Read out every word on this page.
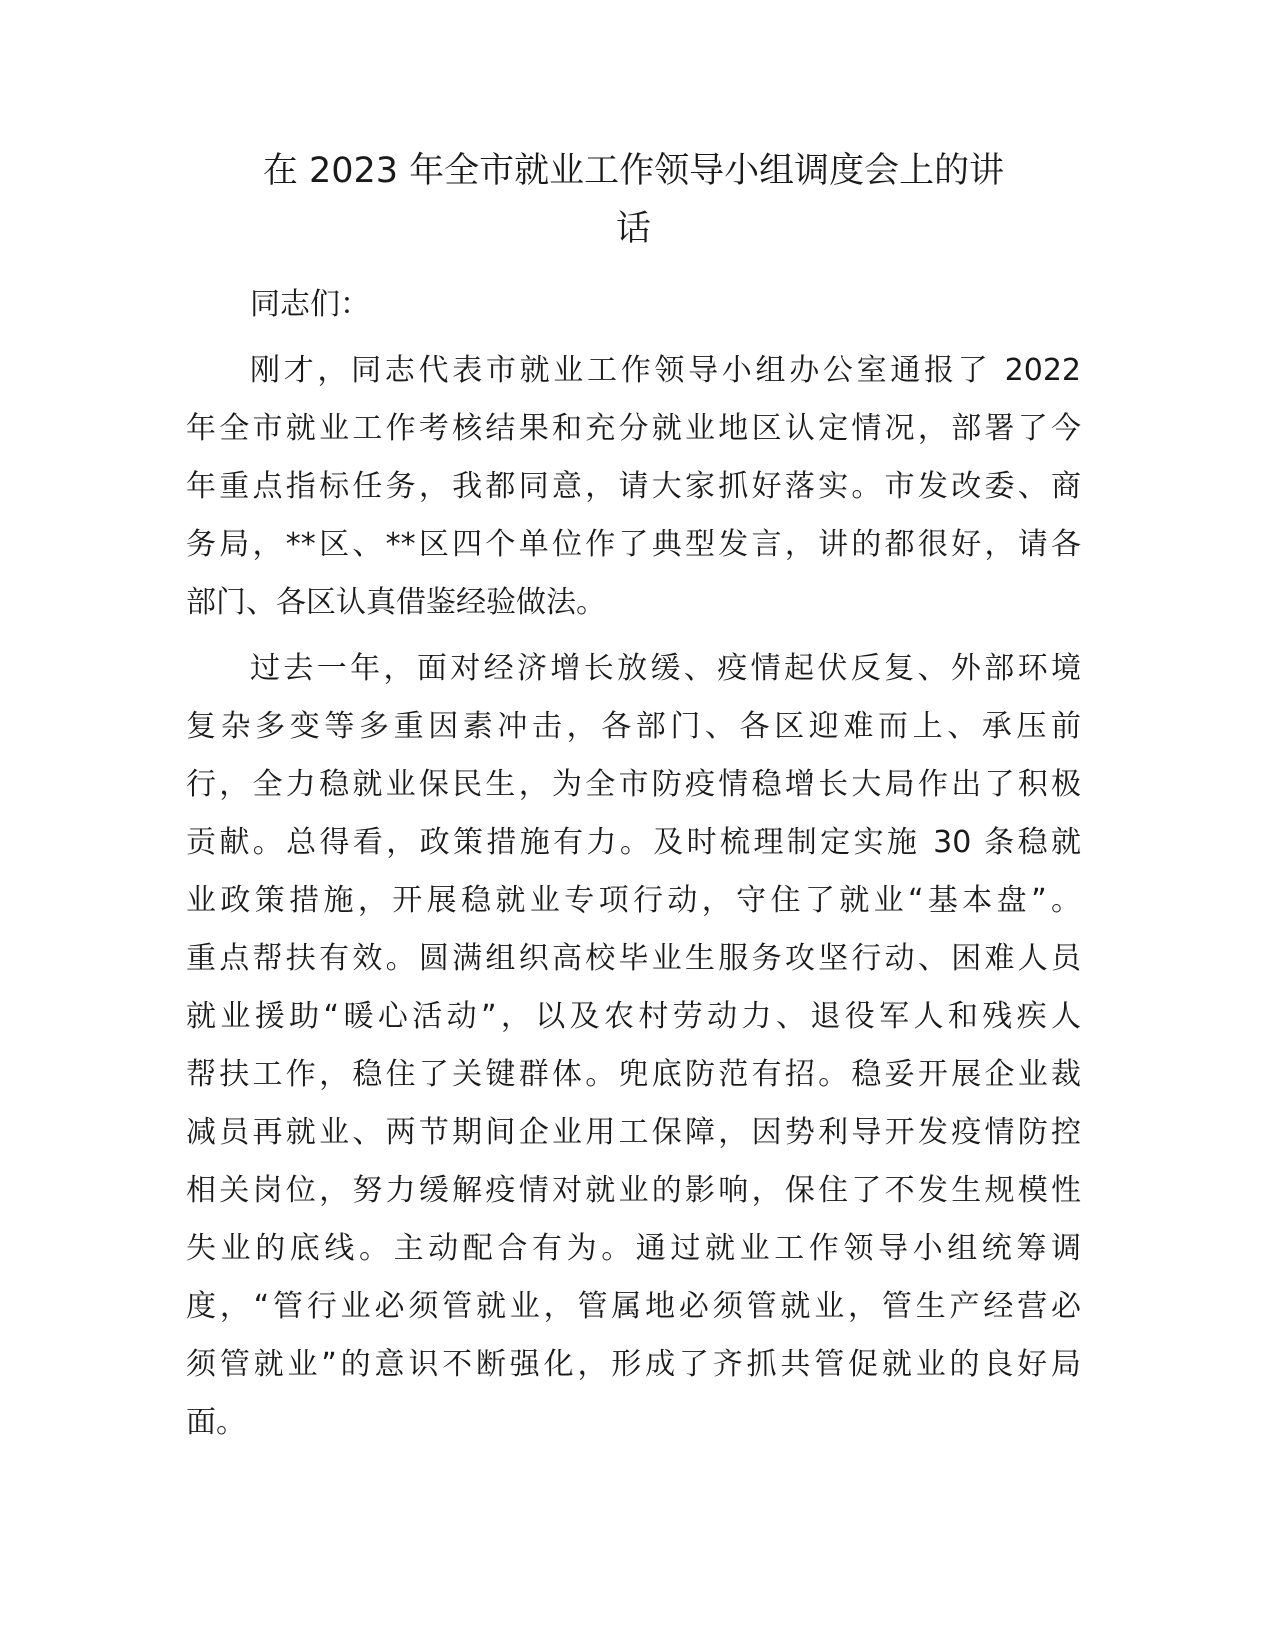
在 2023 年全市就业工作领导小组调度会上的讲
话

同志们：

刚才，同志代表市就业工作领导小组办公室通报了 2022
年全市就业工作考核结果和充分就业地区认定情况，部署了今
年重点指标任务，我都同意，请大家抓好落实。市发改委、商
务局，**区、**区四个单位作了典型发言，讲的都很好，请各
部门、各区认真借鉴经验做法。

过去一年，面对经济增长放缓、疫情起伏反复、外部环境
复杂多变等多重因素冲击，各部门、各区迎难而上、承压前
行，全力稳就业保民生，为全市防疫情稳增长大局作出了积极
贡献。总得看，政策措施有力。及时梳理制定实施 30 条稳就
业政策措施，开展稳就业专项行动，守住了就业“基本盘”。
重点帮扶有效。圆满组织高校毕业生服务攻坚行动、困难人员
就业援助“暖心活动”，以及农村劳动力、退役军人和残疾人
帮扶工作，稳住了关键群体。兜底防范有招。稳妥开展企业裁
减员再就业、两节期间企业用工保障，因势利导开发疫情防控
相关岗位，努力缓解疫情对就业的影响，保住了不发生规模性
失业的底线。主动配合有为。通过就业工作领导小组统筹调
度，“管行业必须管就业，管属地必须管就业，管生产经营必
须管就业”的意识不断强化，形成了齐抓共管促就业的良好局
面。
